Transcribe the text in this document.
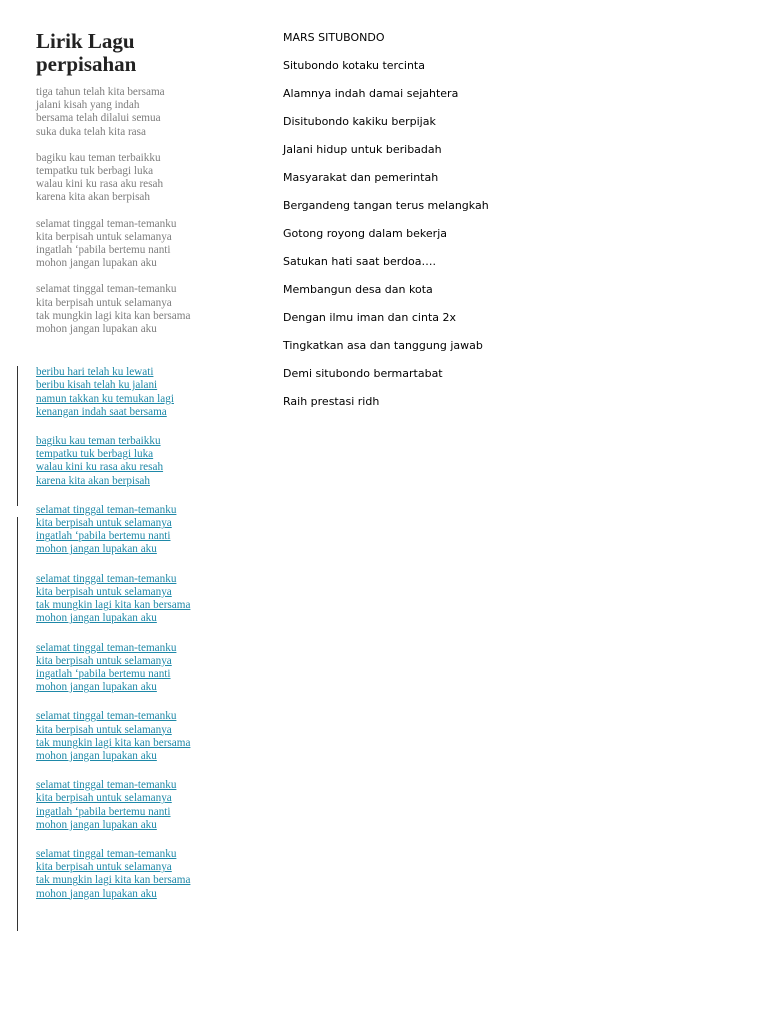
Lirik Lagu
perpisahan
tiga tahun telah kita bersama
jalani kisah yang indah
bersama telah dilalui semua
suka duka telah kita rasa
bagiku kau teman terbaikku
tempatku tuk berbagi luka
walau kini ku rasa aku resah
karena kita akan berpisah
selamat tinggal teman-temanku
kita berpisah untuk selamanya
ingatlah ‘pabila bertemu nanti
mohon jangan lupakan aku
selamat tinggal teman-temanku
kita berpisah untuk selamanya
tak mungkin lagi kita kan bersama
mohon jangan lupakan aku
beribu hari telah ku lewati
beribu kisah telah ku jalani
namun takkan ku temukan lagi
kenangan indah saat bersama
bagiku kau teman terbaikku
tempatku tuk berbagi luka
walau kini ku rasa aku resah
karena kita akan berpisah
selamat tinggal teman-temanku
kita berpisah untuk selamanya
ingatlah ‘pabila bertemu nanti
mohon jangan lupakan aku
selamat tinggal teman-temanku
kita berpisah untuk selamanya
tak mungkin lagi kita kan bersama
mohon jangan lupakan aku
selamat tinggal teman-temanku
kita berpisah untuk selamanya
ingatlah ‘pabila bertemu nanti
mohon jangan lupakan aku
selamat tinggal teman-temanku
kita berpisah untuk selamanya
tak mungkin lagi kita kan bersama
mohon jangan lupakan aku
selamat tinggal teman-temanku
kita berpisah untuk selamanya
ingatlah ‘pabila bertemu nanti
mohon jangan lupakan aku
selamat tinggal teman-temanku
kita berpisah untuk selamanya
tak mungkin lagi kita kan bersama
mohon jangan lupakan aku

MARS SITUBONDO

Situbondo kotaku tercinta

Alamnya indah damai sejahtera

Disitubondo kakiku berpijak

Jalani hidup untuk beribadah

Masyarakat dan pemerintah

Bergandeng tangan terus melangkah

Gotong royong dalam bekerja

Satukan hati saat berdoa….

Membangun desa dan kota

Dengan ilmu iman dan cinta 2x

Tingkatkan asa dan tanggung jawab

Demi situbondo bermartabat

Raih prestasi ridh
